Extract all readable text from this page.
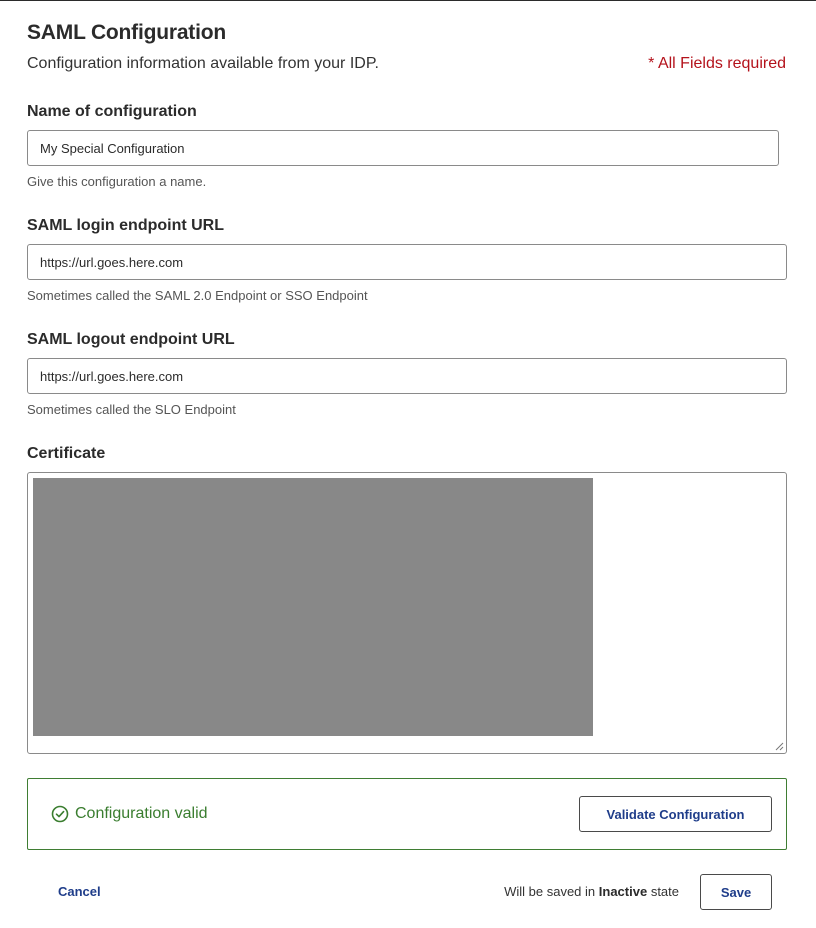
SAML Configuration
Configuration information available from your IDP.	* All Fields required
Name of configuration
My Special Configuration
Give this configuration a name.
SAML login endpoint URL
https://url.goes.here.com
Sometimes called the SAML 2.0 Endpoint or SSO Endpoint
SAML logout endpoint URL
https://url.goes.here.com
Sometimes called the SLO Endpoint
Certificate
Configuration valid	Validate Configuration
Cancel	Will be saved in Inactive state	Save
